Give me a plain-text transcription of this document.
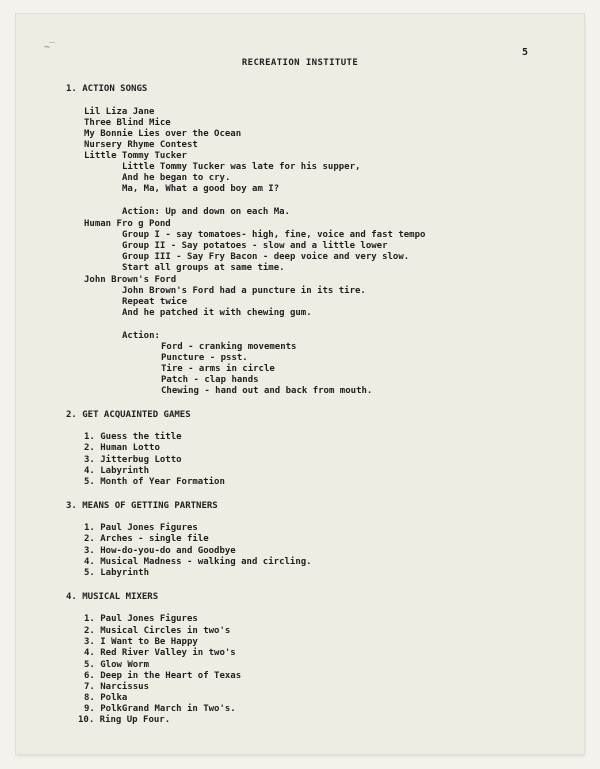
~‾
RECREATION INSTITUTE
5
1. ACTION SONGS
Lil Liza Jane
Three Blind Mice
My Bonnie Lies over the Ocean
Nursery Rhyme Contest
Little Tommy Tucker
Little Tommy Tucker was late for his supper,
And he began to cry.
Ma, Ma, What a good boy am I?
Action: Up and down on each Ma.
Human Fro g Pond
Group I - say tomatoes- high, fine, voice and fast tempo
Group II - Say potatoes - slow and a little lower
Group III - Say Fry Bacon - deep voice and very slow.
Start all groups at same time.
John Brown's Ford
John Brown's Ford had a puncture in its tire.
Repeat twice
And he patched it with chewing gum.
Action:
Ford - cranking movements
Puncture - psst.
Tire - arms in circle
Patch - clap hands
Chewing - hand out and back from mouth.
2. GET ACQUAINTED GAMES
1. Guess the title
2. Human Lotto
3. Jitterbug Lotto
4. Labyrinth
5. Month of Year Formation
3. MEANS OF GETTING PARTNERS
1. Paul Jones Figures
2. Arches - single file
3. How-do-you-do and Goodbye
4. Musical Madness - walking and circling.
5. Labyrinth
4. MUSICAL MIXERS
1. Paul Jones Figures
2. Musical Circles in two's
3. I Want to Be Happy
4. Red River Valley in two's
5. Glow Worm
6. Deep in the Heart of Texas
7. Narcissus
8. Polka
9. PolkGrand March in Two's.
10. Ring Up Four.
